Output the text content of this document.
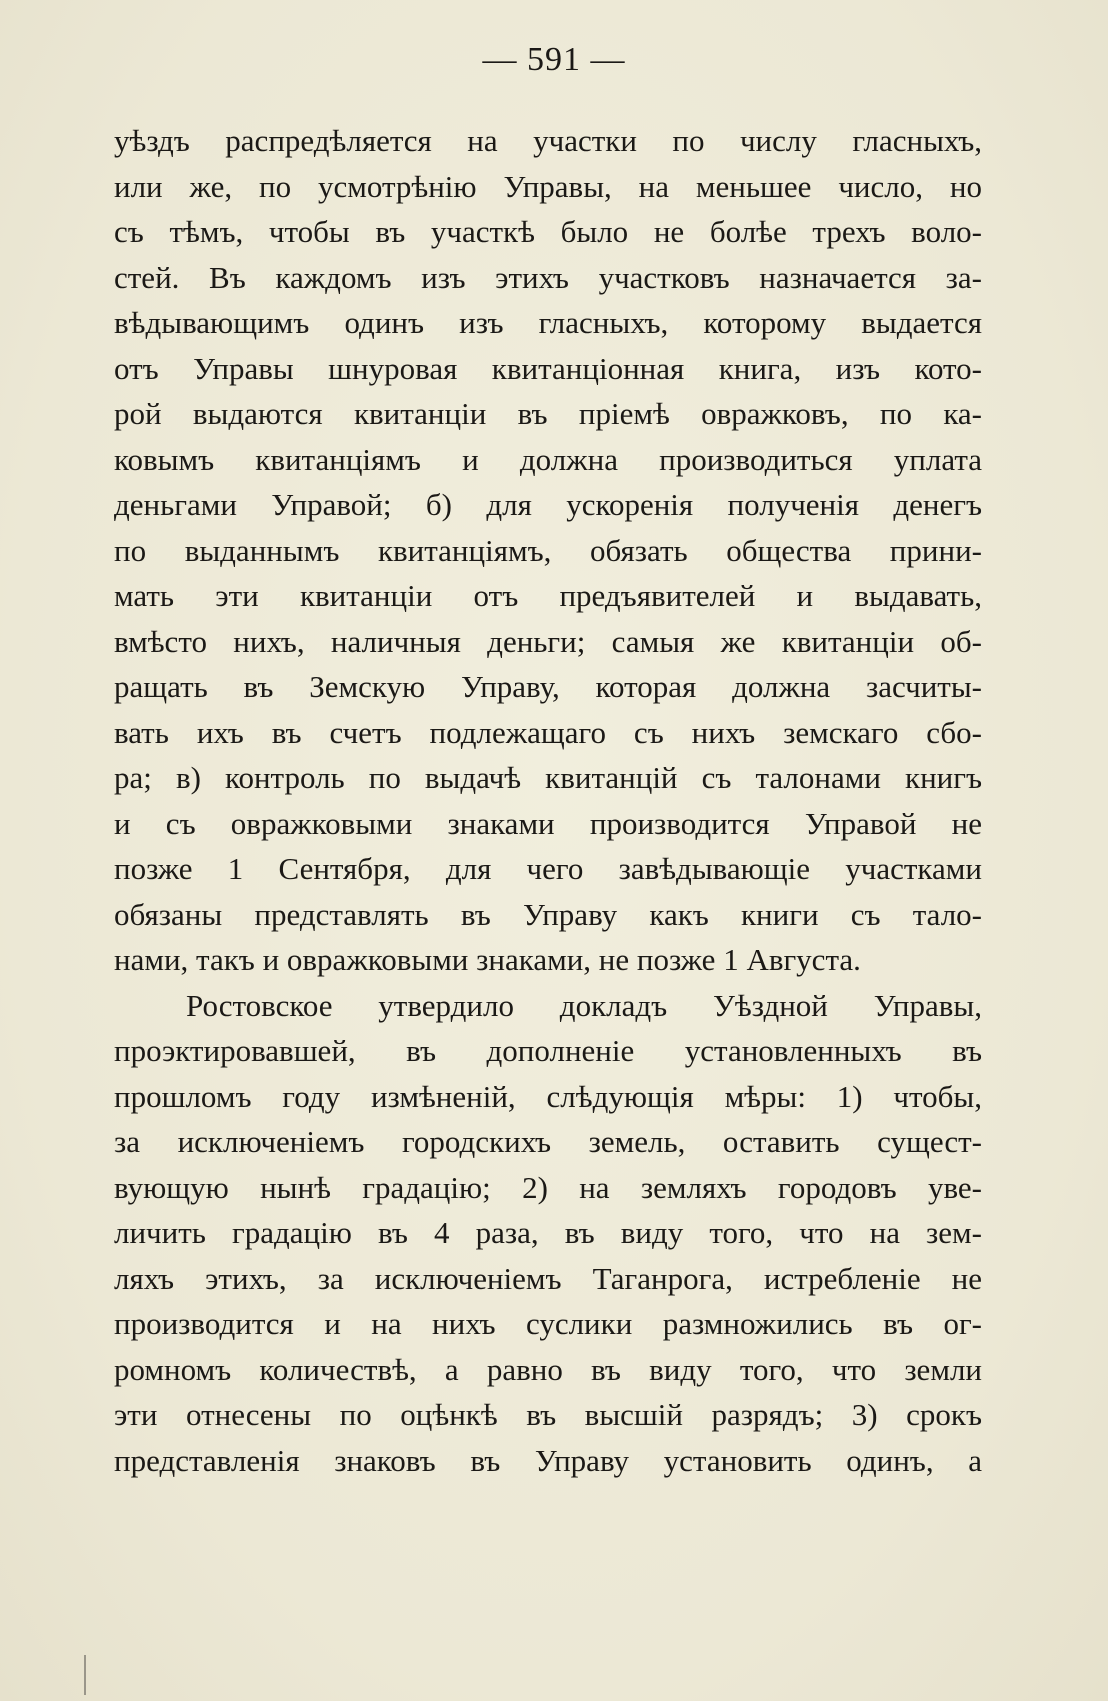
— 591 —
уѣздъ распредѣляется на участки по числу гласныхъ,
или же, по усмотрѣнію Управы, на меньшее число, но
съ тѣмъ, чтобы въ участкѣ было не болѣе трехъ воло-
стей. Въ каждомъ изъ этихъ участковъ назначается за-
вѣдывающимъ одинъ изъ гласныхъ, которому выдается
отъ Управы шнуровая квитанціонная книга, изъ кото-
рой выдаются квитанціи въ пріемѣ овражковъ, по ка-
ковымъ квитанціямъ и должна производиться уплата
деньгами Управой; б) для ускоренія полученія денегъ
по выданнымъ квитанціямъ, обязать общества прини-
мать эти квитанціи отъ предъявителей и выдавать,
вмѣсто нихъ, наличныя деньги; самыя же квитанціи об-
ращать въ Земскую Управу, которая должна засчиты-
вать ихъ въ счетъ подлежащаго съ нихъ земскаго сбо-
ра; в) контроль по выдачѣ квитанцій съ талонами книгъ
и съ овражковыми знаками производится Управой не
позже 1 Сентября, для чего завѣдывающіе участками
обязаны представлять въ Управу какъ книги съ тало-
нами, такъ и овражковыми знаками, не позже 1 Августа.
Ростовское утвердило докладъ Уѣздной Управы,
проэктировавшей, въ дополненіе установленныхъ въ
прошломъ году измѣненій, слѣдующія мѣры: 1) чтобы,
за исключеніемъ городскихъ земель, оставить сущест-
вующую нынѣ градацію; 2) на земляхъ городовъ уве-
личить градацію въ 4 раза, въ виду того, что на зем-
ляхъ этихъ, за исключеніемъ Таганрога, истребленіе не
производится и на нихъ суслики размножились въ ог-
ромномъ количествѣ, а равно въ виду того, что земли
эти отнесены по оцѣнкѣ въ высшій разрядъ; 3) срокъ
представленія знаковъ въ Управу установить одинъ, а
